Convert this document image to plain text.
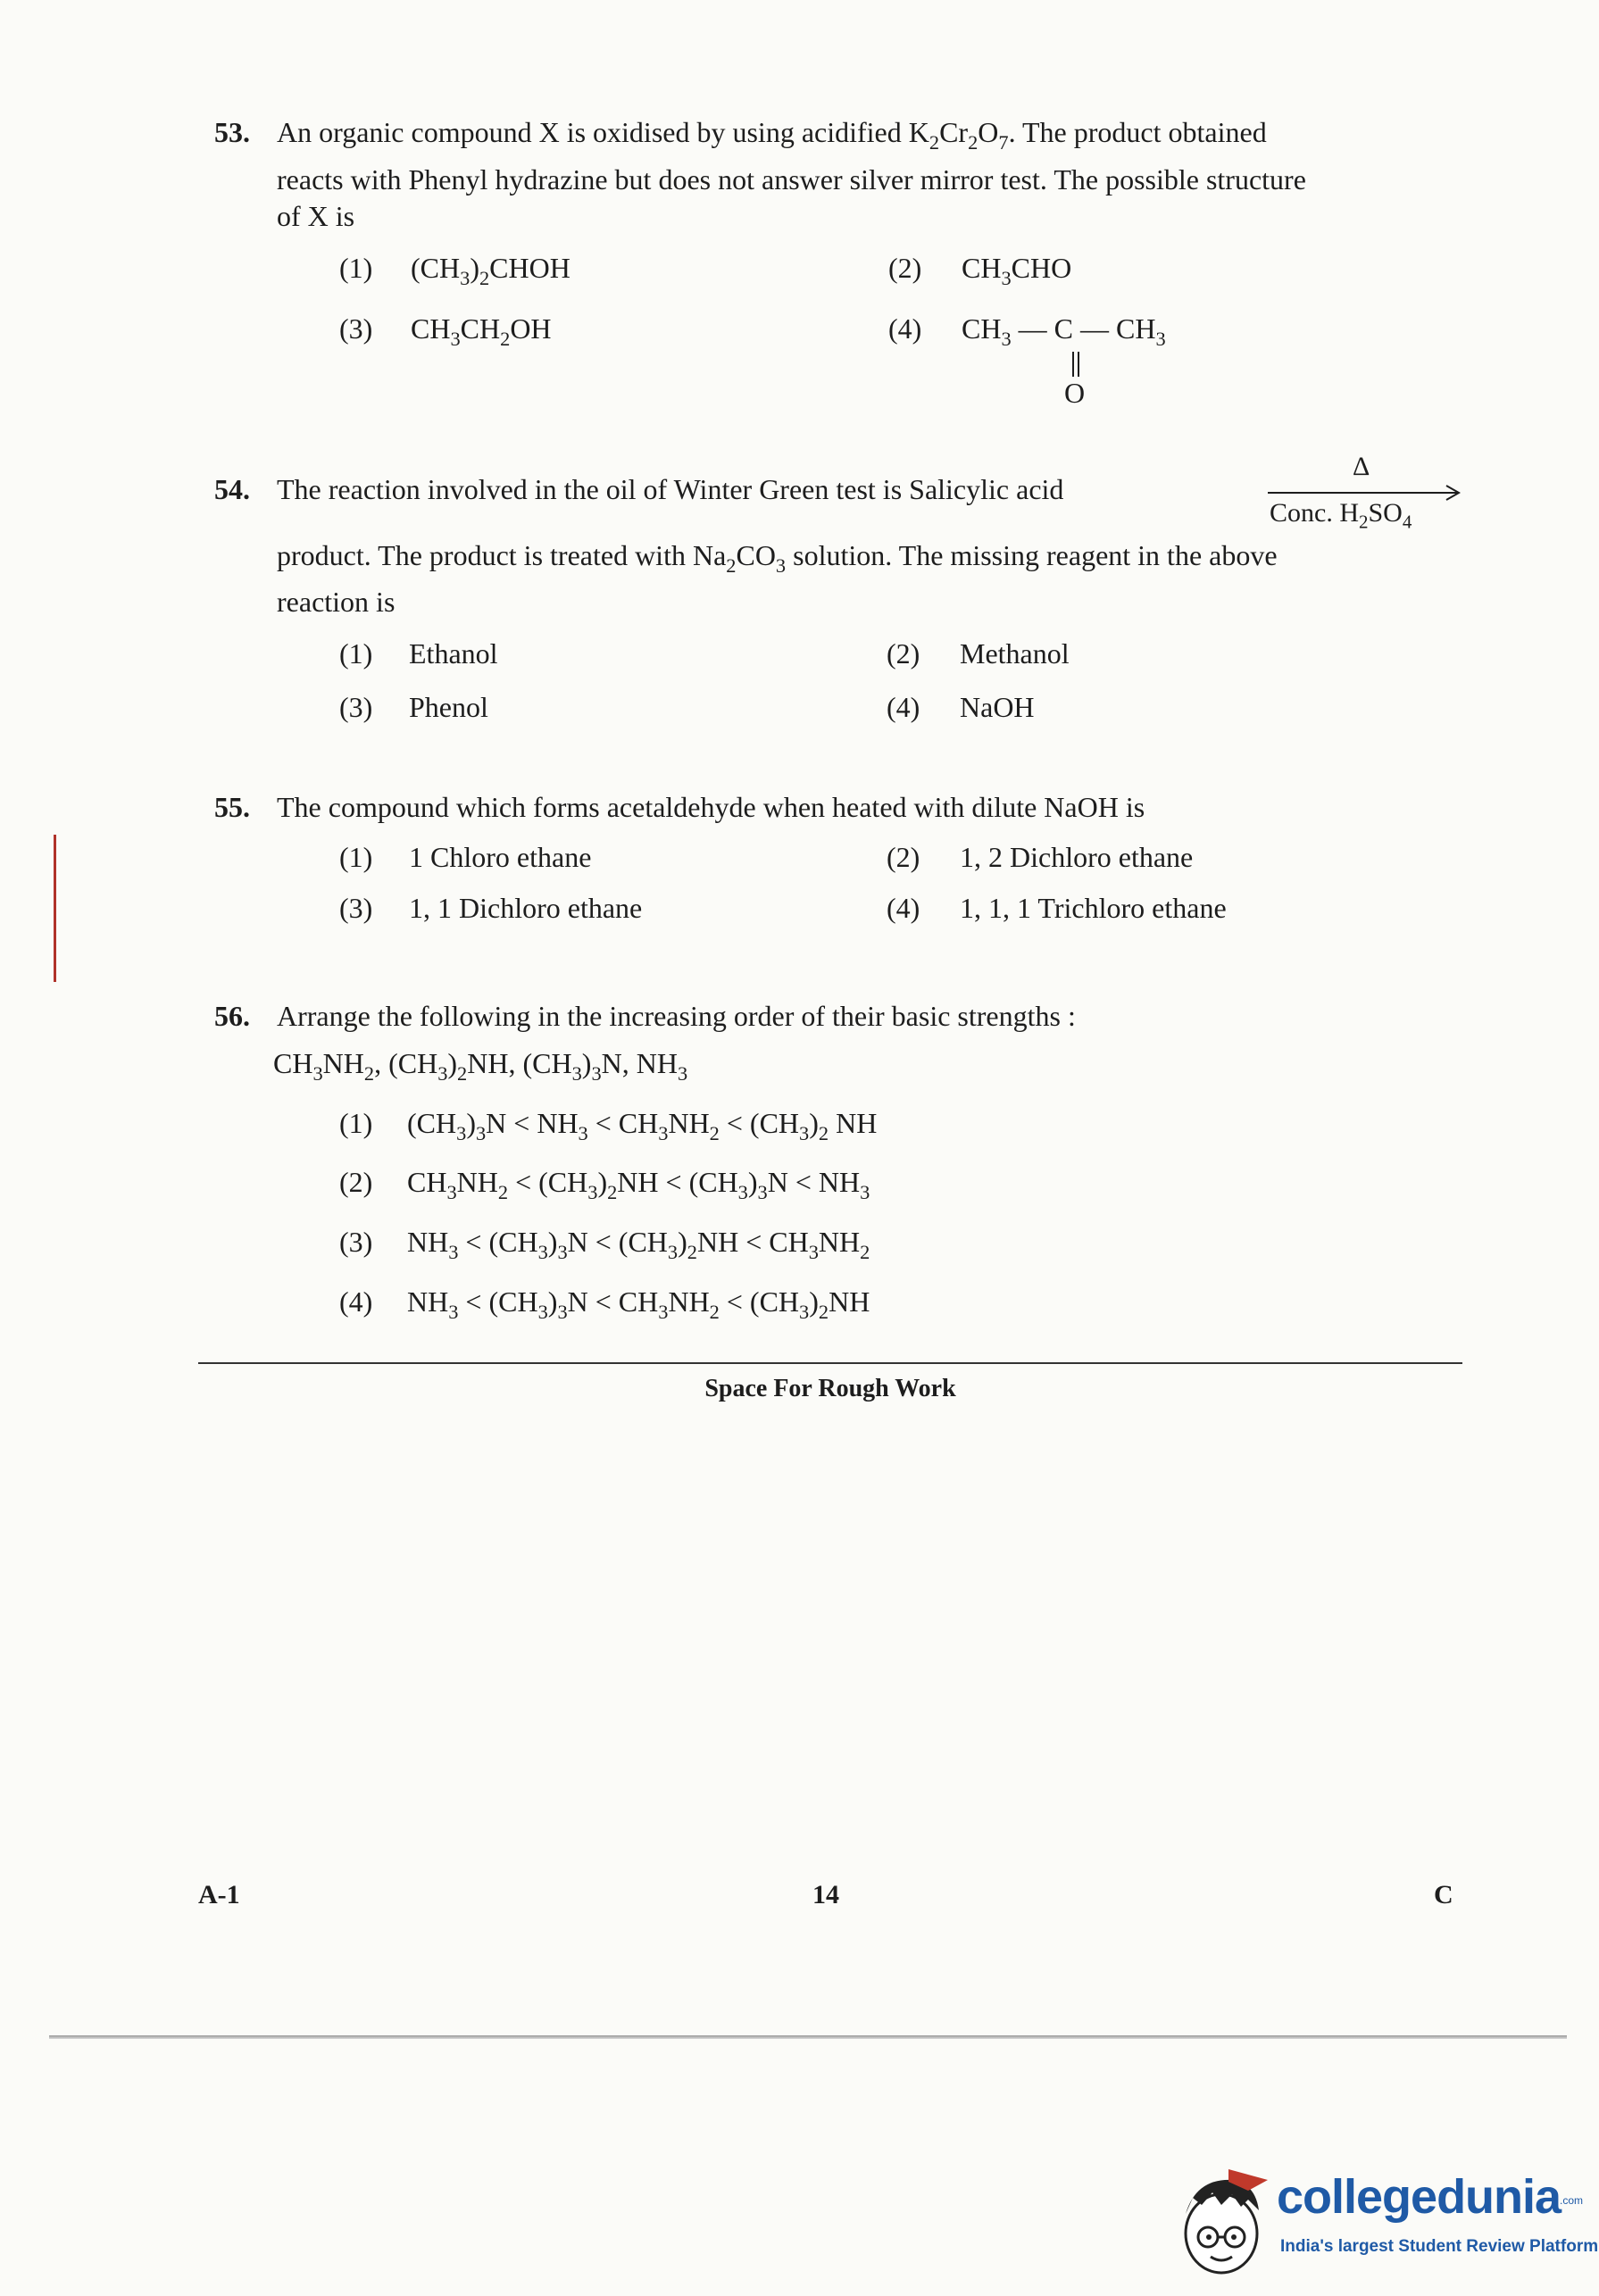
53. An organic compound X is oxidised by using acidified $K_2Cr_2O_7$. The product obtained
reacts with Phenyl hydrazine but does not answer silver mirror test. The possible structure
of X is
(1) $(CH_3)_2CHOH$	(2) $CH_3CHO$
(3) $CH_3CH_2OH$	(4) $CH_3$ — C — $CH_3$
O
54. The reaction involved in the oil of Winter Green test is Salicylic acid
Δ
Conc. $H_2SO_4$
product. The product is treated with $Na_2CO_3$ solution. The missing reagent in the above
reaction is
(1) Ethanol	(2) Methanol
(3) Phenol	(4) NaOH
55. The compound which forms acetaldehyde when heated with dilute NaOH is
(1) 1 Chloro ethane	(2) 1, 2 Dichloro ethane
(3) 1, 1 Dichloro ethane	(4) 1, 1, 1 Trichloro ethane
56. Arrange the following in the increasing order of their basic strengths :
$CH_3NH_2$, $(CH_3)_2NH$, $(CH_3)_3N$, $NH_3$
(1) $(CH_3)_3N < NH_3 < CH_3NH_2 < (CH_3)_2$ NH
(2) $CH_3NH_2 < (CH_3)_2NH < (CH_3)_3N < NH_3$
(3) $NH_3 < (CH_3)_3N < (CH_3)_2NH < CH_3NH_2$
(4) $NH_3 < (CH_3)_3N < CH_3NH_2 < (CH_3)_2NH$
Space For Rough Work
A-1	14	C
collegedunia
.com
India's largest Student Review Platform
